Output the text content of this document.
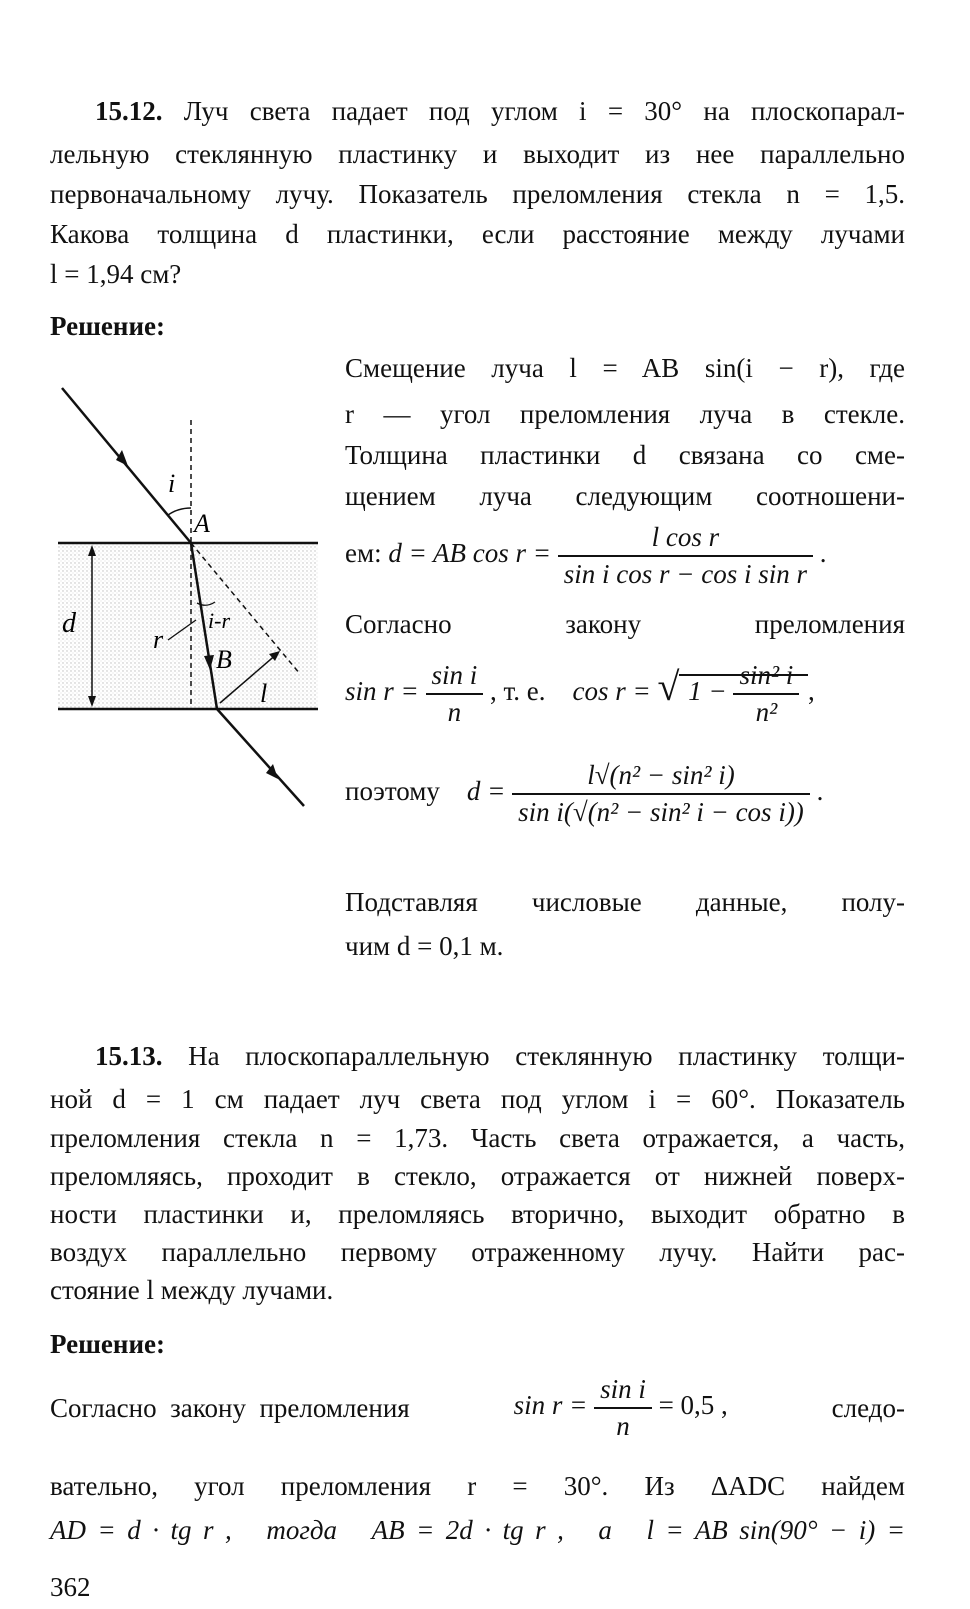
15.12. Луч света падает под углом i = 30° на плоскопарал-
лельную стеклянную пластинку и выходит из нее параллельно
первоначальному лучу. Показатель преломления стекла n = 1,5.
Какова толщина d пластинки, если расстояние между лучами
l = 1,94 см?
Решение:
i
A
d
r
i-r
B
l
Смещение луча l = AB sin(i − r), где
r — угол преломления луча в стекле.
Толщина пластинки d связана со сме-
щением луча следующим соотношени-
ем: d = AB $\cos r = \frac{\text{l cos r}}{\text{sin i cos r − cos i sin r}}$ .
Согласно	закону	преломления
$\sin r = \frac{\text{sin i}}{n}$ , т. е. cos r = √ $1 - \frac{\text{sin² i}}{\text{n²}}$ ,
поэтому $d = \frac{\text{l√(n² − sin² i)}}{\text{sin i(√(n² − sin² i − cos i))}}$ .
Подставляя числовые данные, полу-
чим d = 0,1 м.
15.13. На плоскопараллельную стеклянную пластинку толщи-
ной d = 1 см падает луч света под углом i = 60°. Показатель
преломления стекла n = 1,73. Часть света отражается, а часть,
преломляясь, проходит в стекло, отражается от нижней поверх-
ности пластинки и, преломляясь вторично, выходит обратно в
воздух параллельно первому отраженному лучу. Найти рас-
стояние l между лучами.
Решение:
Согласно  закону  преломления	$\sin r = \frac{\text{sin i}}{n} = 0,5$ ,	следо-
вательно, угол преломления r = 30°. Из ΔADC найдем
AD = d · tg r ,   тогда   AB = 2d · tg r ,   а   l = AB sin(90° − i) =
362
